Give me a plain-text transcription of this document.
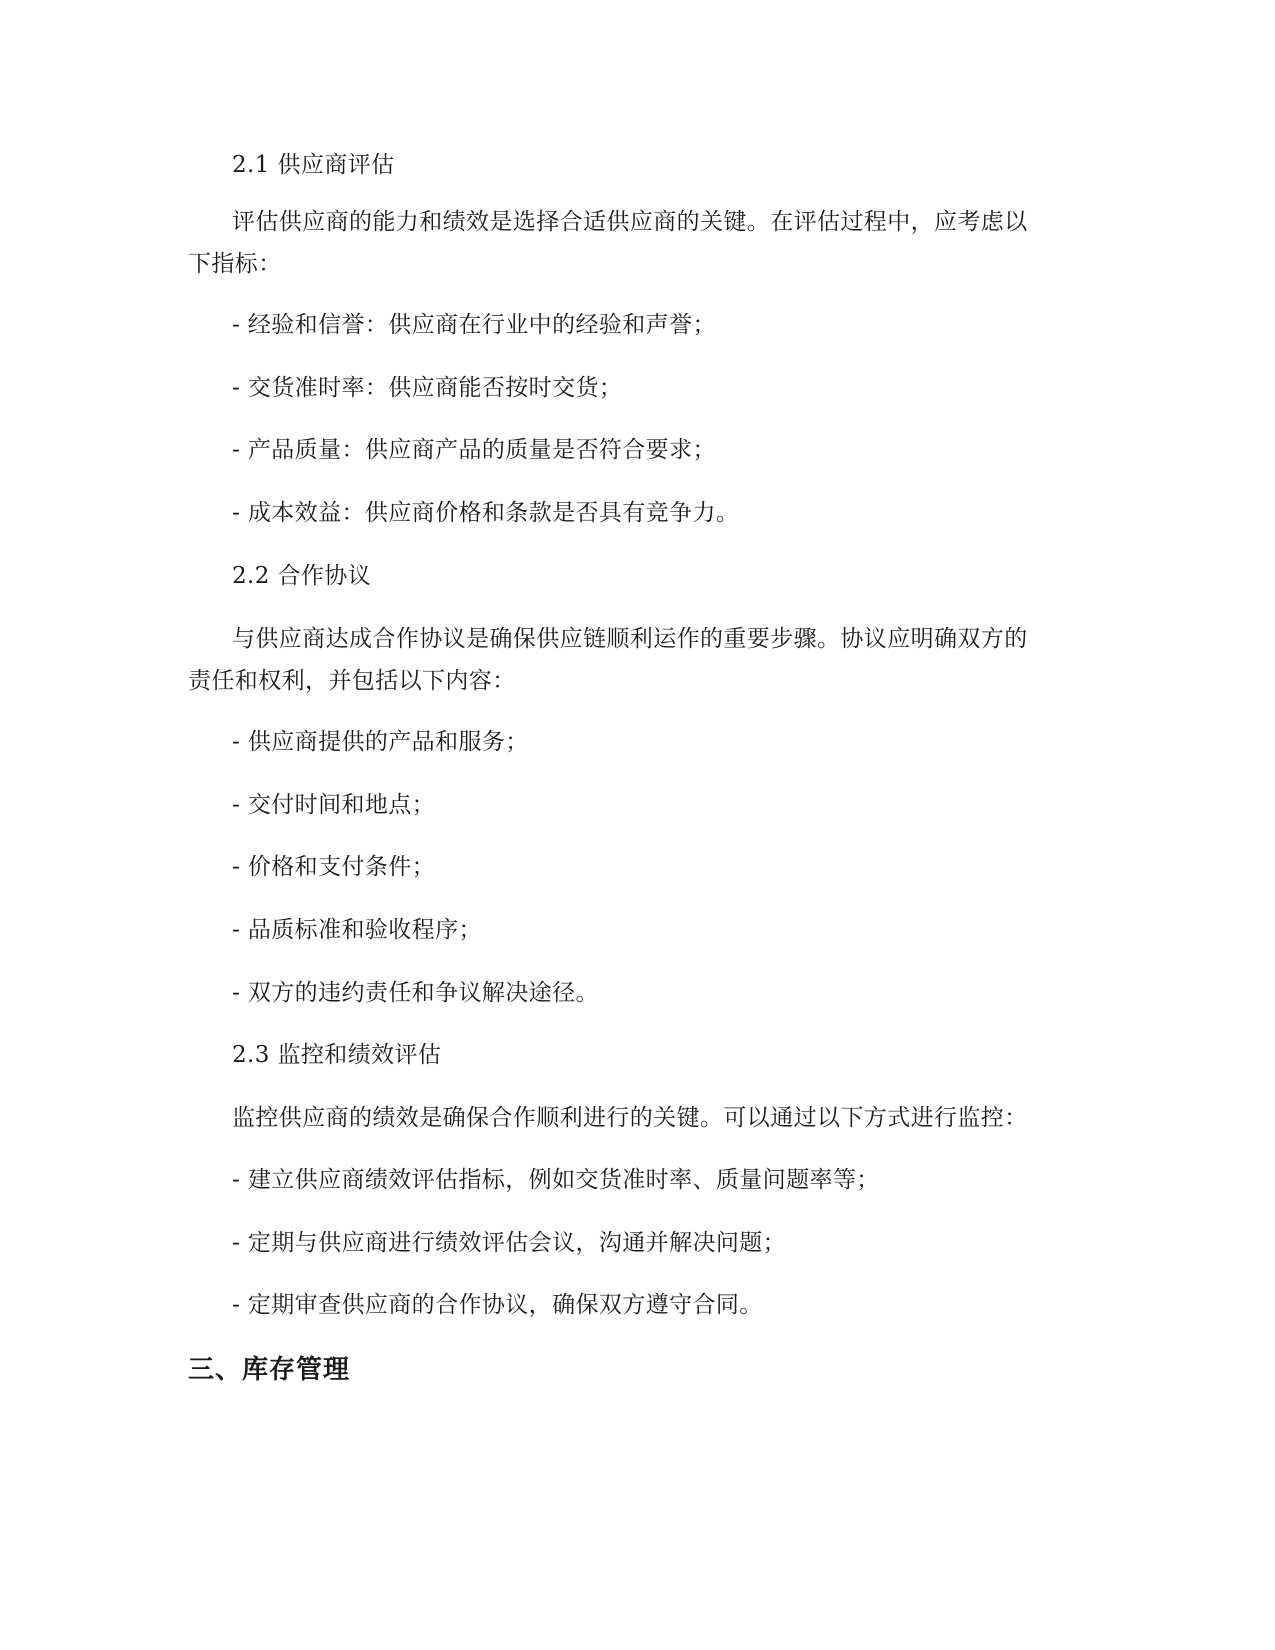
2.1 供应商评估
评估供应商的能力和绩效是选择合适供应商的关键。在评估过程中，应考虑以
下指标：
- 经验和信誉：供应商在行业中的经验和声誉；
- 交货准时率：供应商能否按时交货；
- 产品质量：供应商产品的质量是否符合要求；
- 成本效益：供应商价格和条款是否具有竞争力。
2.2 合作协议
与供应商达成合作协议是确保供应链顺利运作的重要步骤。协议应明确双方的
责任和权利，并包括以下内容：
- 供应商提供的产品和服务；
- 交付时间和地点；
- 价格和支付条件；
- 品质标准和验收程序；
- 双方的违约责任和争议解决途径。
2.3 监控和绩效评估
监控供应商的绩效是确保合作顺利进行的关键。可以通过以下方式进行监控：
- 建立供应商绩效评估指标，例如交货准时率、质量问题率等；
- 定期与供应商进行绩效评估会议，沟通并解决问题；
- 定期审查供应商的合作协议，确保双方遵守合同。
三、库存管理
